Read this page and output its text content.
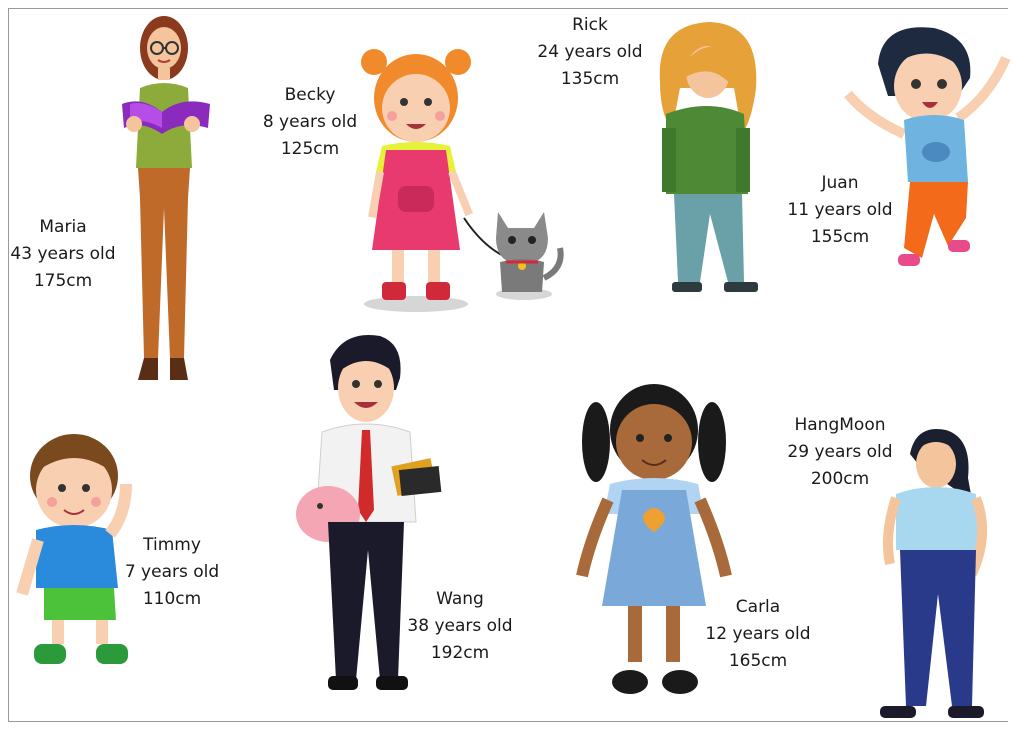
Maria
43 years old
175cm
Becky
8 years old
125cm
Rick
24 years old
135cm
Juan
11 years old
155cm
Timmy
7 years old
110cm	Wang
38 years old
192cm
Carla
12 years old
165cm
HangMoon
29 years old
200cm
